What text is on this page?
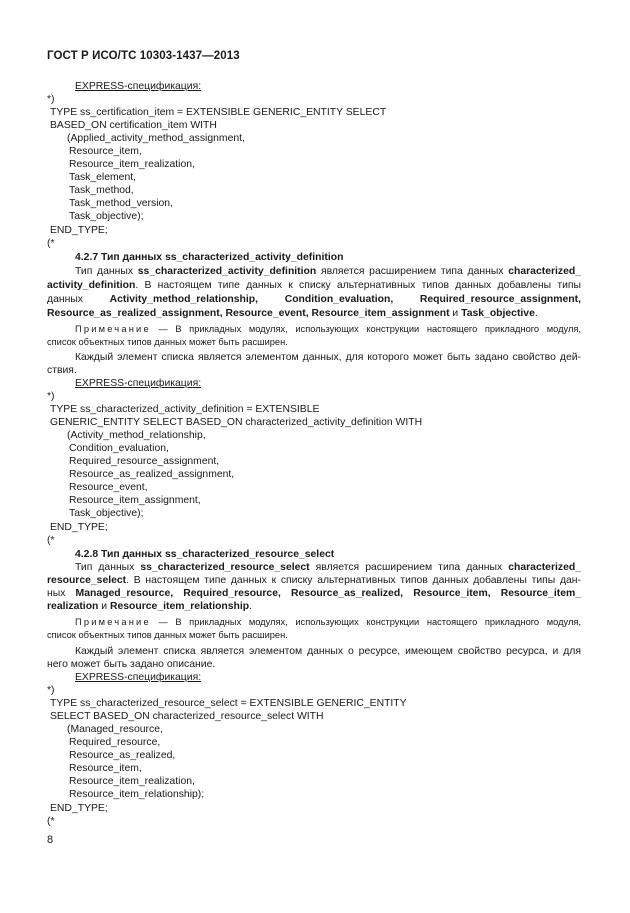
ГОСТ Р ИСО/ТС 10303-1437—2013
EXPRESS-спецификация:
*)
TYPE ss_certification_item = EXTENSIBLE GENERIC_ENTITY SELECT
BASED_ON certification_item WITH
(Applied_activity_method_assignment,
Resource_item,
Resource_item_realization,
Task_element,
Task_method,
Task_method_version,
Task_objective);
END_TYPE;
(*
4.2.7 Тип данных ss_characterized_activity_definition
Тип данных ss_characterized_activity_definition является расширением типа данных characterized_
activity_definition. В настоящем типе данных к списку альтернативных типов данных добавлены типы
данных	Activity_method_relationship,	Condition_evaluation,	Required_resource_assignment,
Resource_as_realized_assignment, Resource_event, Resource_item_assignment и Task_objective.
Примечание — В прикладных модулях, использующих конструкции настоящего прикладного модуля,
список объектных типов данных может быть расширен.
Каждый элемент списка является элементом данных, для которого может быть задано свойство дей-
ствия.
EXPRESS-спецификация:
*)
TYPE ss_characterized_activity_definition = EXTENSIBLE
GENERIC_ENTITY SELECT BASED_ON characterized_activity_definition WITH
(Activity_method_relationship,
Condition_evaluation,
Required_resource_assignment,
Resource_as_realized_assignment,
Resource_event,
Resource_item_assignment,
Task_objective);
END_TYPE;
(*
4.2.8 Тип данных ss_characterized_resource_select
Тип данных ss_characterized_resource_select является расширением типа данных characterized_
resource_select. В настоящем типе данных к списку альтернативных типов данных добавлены типы дан-
ных Managed_resource, Required_resource, Resource_as_realized, Resource_item, Resource_item_
realization и Resource_item_relationship.
Примечание — В прикладных модулях, использующих конструкции настоящего прикладного модуля,
список объектных типов данных может быть расширен.
Каждый элемент списка является элементом данных о ресурсе, имеющем свойство ресурса, и для
него может быть задано описание.
EXPRESS-спецификация:
*)
TYPE ss_characterized_resource_select = EXTENSIBLE GENERIC_ENTITY
SELECT BASED_ON characterized_resource_select WITH
(Managed_resource,
Required_resource,
Resource_as_realized,
Resource_item,
Resource_item_realization,
Resource_item_relationship);
END_TYPE;
(*
8
